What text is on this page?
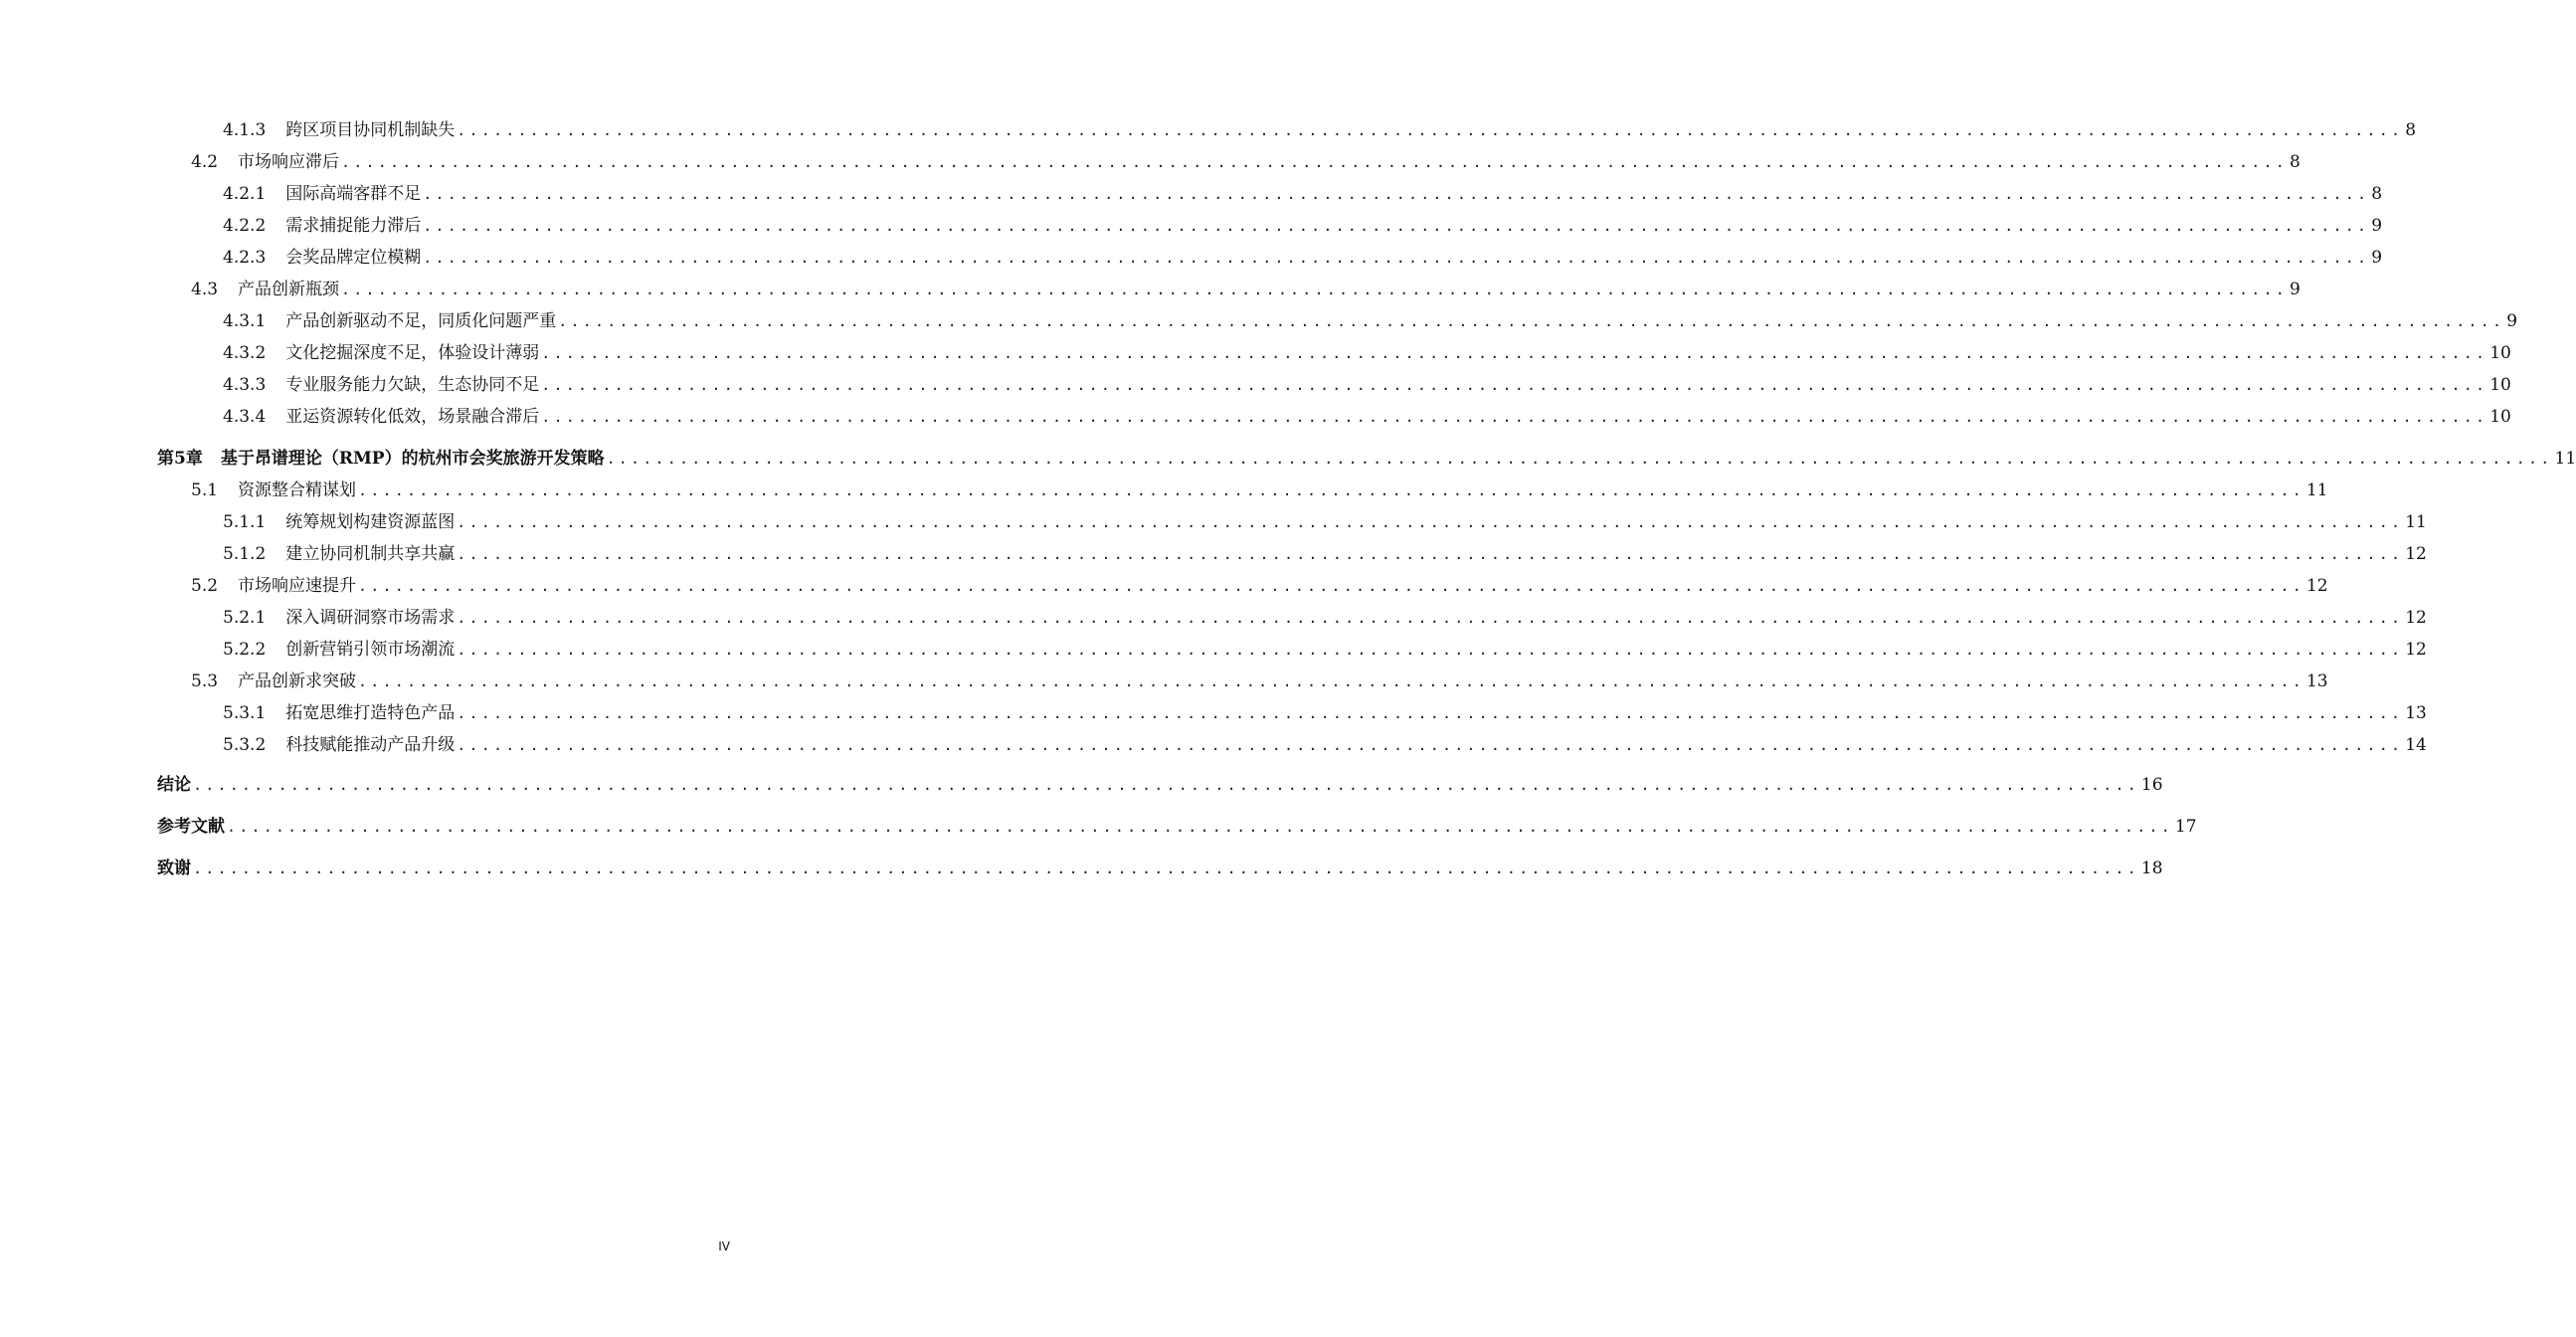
4.1.3 跨区项目协同机制缺失 ................................................................................................................................................................ 8
4.2 市场响应滞后 ................................................................................................................................................................ 8
4.2.1 国际高端客群不足 ................................................................................................................................................................ 8
4.2.2 需求捕捉能力滞后 ................................................................................................................................................................ 9
4.2.3 会奖品牌定位模糊 ................................................................................................................................................................ 9
4.3 产品创新瓶颈 ................................................................................................................................................................ 9
4.3.1 产品创新驱动不足，同质化问题严重 ................................................................................................................................................................ 9
4.3.2 文化挖掘深度不足，体验设计薄弱 ................................................................................................................................................................ 10
4.3.3 专业服务能力欠缺，生态协同不足 ................................................................................................................................................................ 10
4.3.4 亚运资源转化低效，场景融合滞后 ................................................................................................................................................................ 10
第5章 基于昂谱理论（RMP）的杭州市会奖旅游开发策略 ................................................................................................................................................................ 11
5.1 资源整合精谋划 ................................................................................................................................................................ 11
5.1.1 统筹规划构建资源蓝图 ................................................................................................................................................................ 11
5.1.2 建立协同机制共享共赢 ................................................................................................................................................................ 12
5.2 市场响应速提升 ................................................................................................................................................................ 12
5.2.1 深入调研洞察市场需求 ................................................................................................................................................................ 12
5.2.2 创新营销引领市场潮流 ................................................................................................................................................................ 12
5.3 产品创新求突破 ................................................................................................................................................................ 13
5.3.1 拓宽思维打造特色产品 ................................................................................................................................................................ 13
5.3.2 科技赋能推动产品升级 ................................................................................................................................................................ 14
结论 ................................................................................................................................................................ 16
参考文献 ................................................................................................................................................................ 17
致谢 ................................................................................................................................................................ 18
IV
